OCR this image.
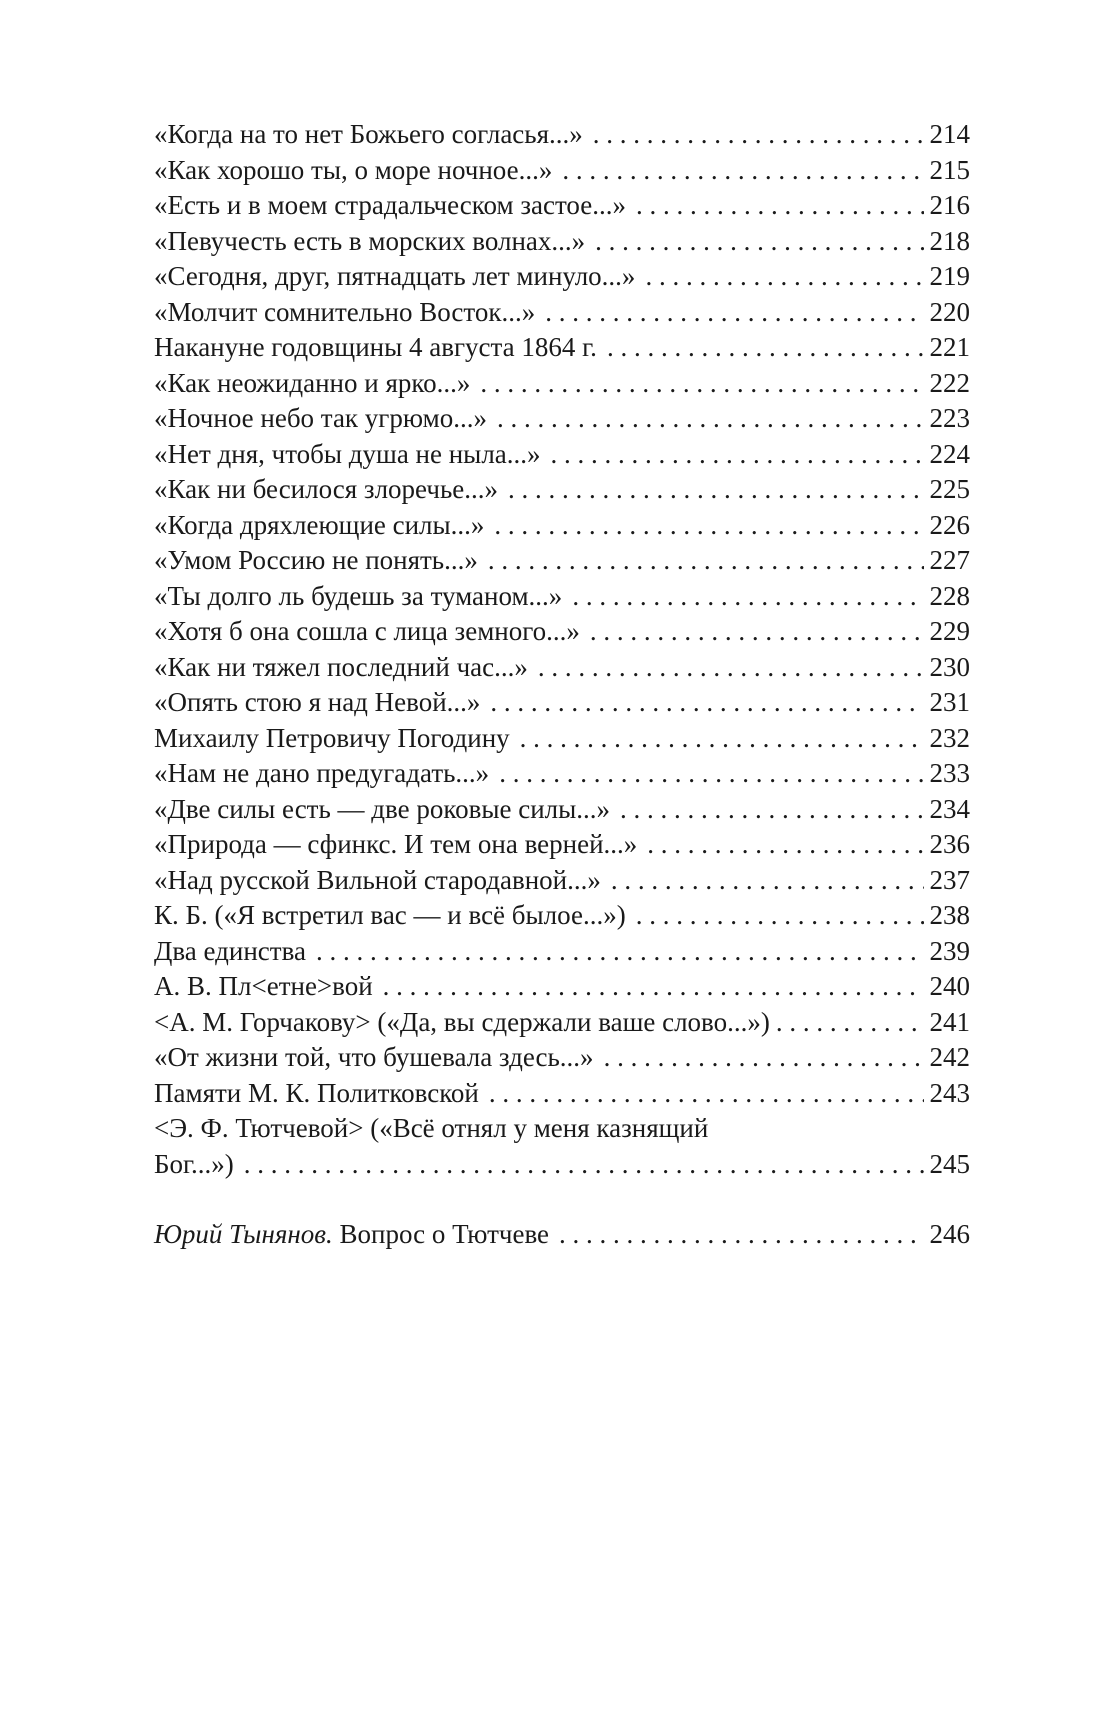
«Когда на то нет Божьего согласья...» . . .	214
«Как хорошо ты, о море ночное...» . . .	215
«Есть и в моем страдальческом застое...» . . .	216
«Певучесть есть в морских волнах...» . . .	218
«Сегодня, друг, пятнадцать лет минуло...» . . .	219
«Молчит сомнительно Восток...» . . .	220
Накануне годовщины 4 августа 1864 г. . . .	221
«Как неожиданно и ярко...» . . .	222
«Ночное небо так угрюмо...» . . .	223
«Нет дня, чтобы душа не ныла...» . . .	224
«Как ни бесилося злоречье...» . . .	225
«Когда дряхлеющие силы...» . . .	226
«Умом Россию не понять...» . . .	227
«Ты долго ль будешь за туманом...» . . .	228
«Хотя б она сошла с лица земного...» . . .	229
«Как ни тяжел последний час...» . . .	230
«Опять стою я над Невой...» . . .	231
Михаилу Петровичу Погодину . . .	232
«Нам не дано предугадать...» . . .	233
«Две силы есть — две роковые силы...» . . .	234
«Природа — сфинкс. И тем она верней...» . . .	236
«Над русской Вильной стародавной...» . . .	237
К. Б. («Я встретил вас — и всё былое...») . . .	238
Два единства . . .	239
А. В. Пл<етне>вой . . .	240
<А. М. Горчакову> («Да, вы сдержали ваше слово...») . . .	241
«От жизни той, что бушевала здесь...» . . .	242
Памяти М. К. Политковской . . .	243
<Э. Ф. Тютчевой> («Всё отнял у меня казнящий
Бог...») . . .	245
Юрий Тынянов. Вопрос о Тютчеве . . .	246
